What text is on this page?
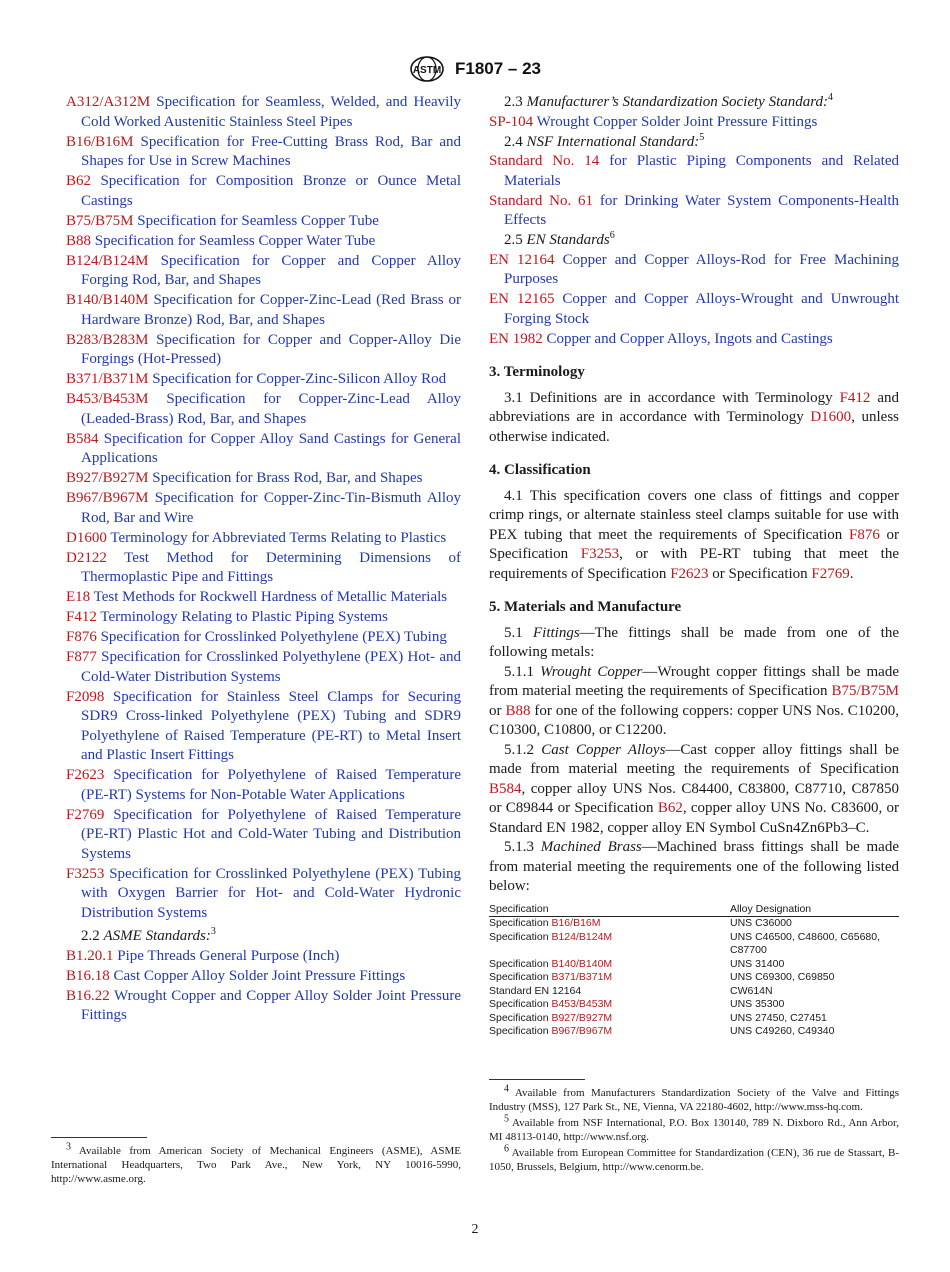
ASTM F1807 – 23

A312/A312M Specification for Seamless, Welded, and Heavily Cold Worked Austenitic Stainless Steel Pipes

B16/B16M Specification for Free-Cutting Brass Rod, Bar and Shapes for Use in Screw Machines

B62 Specification for Composition Bronze or Ounce Metal Castings

B75/B75M Specification for Seamless Copper Tube

B88 Specification for Seamless Copper Water Tube

B124/B124M Specification for Copper and Copper Alloy Forging Rod, Bar, and Shapes

B140/B140M Specification for Copper-Zinc-Lead (Red Brass or Hardware Bronze) Rod, Bar, and Shapes

B283/B283M Specification for Copper and Copper-Alloy Die Forgings (Hot-Pressed)

B371/B371M Specification for Copper-Zinc-Silicon Alloy Rod

B453/B453M Specification for Copper-Zinc-Lead Alloy (Leaded-Brass) Rod, Bar, and Shapes

B584 Specification for Copper Alloy Sand Castings for General Applications

B927/B927M Specification for Brass Rod, Bar, and Shapes

B967/B967M Specification for Copper-Zinc-Tin-Bismuth Alloy Rod, Bar and Wire

D1600 Terminology for Abbreviated Terms Relating to Plastics

D2122 Test Method for Determining Dimensions of Thermoplastic Pipe and Fittings

E18 Test Methods for Rockwell Hardness of Metallic Materials

F412 Terminology Relating to Plastic Piping Systems

F876 Specification for Crosslinked Polyethylene (PEX) Tubing

F877 Specification for Crosslinked Polyethylene (PEX) Hot- and Cold-Water Distribution Systems

F2098 Specification for Stainless Steel Clamps for Securing SDR9 Cross-linked Polyethylene (PEX) Tubing and SDR9 Polyethylene of Raised Temperature (PE-RT) to Metal Insert and Plastic Insert Fittings

F2623 Specification for Polyethylene of Raised Temperature (PE-RT) Systems for Non-Potable Water Applications

F2769 Specification for Polyethylene of Raised Temperature (PE-RT) Plastic Hot and Cold-Water Tubing and Distribution Systems

F3253 Specification for Crosslinked Polyethylene (PEX) Tubing with Oxygen Barrier for Hot- and Cold-Water Hydronic Distribution Systems

2.2 ASME Standards:$^3$

B1.20.1 Pipe Threads General Purpose (Inch)

B16.18 Cast Copper Alloy Solder Joint Pressure Fittings

B16.22 Wrought Copper and Copper Alloy Solder Joint Pressure Fittings

$^3$ Available from American Society of Mechanical Engineers (ASME), ASME International Headquarters, Two Park Ave., New York, NY 10016-5990, http://www.asme.org.

2.3 Manufacturer’s Standardization Society Standard:$^4$

SP-104 Wrought Copper Solder Joint Pressure Fittings

2.4 NSF International Standard:$^5$

Standard No. 14 for Plastic Piping Components and Related Materials

Standard No. 61 for Drinking Water System Components-Health Effects

2.5 EN Standards$^6$

EN 12164 Copper and Copper Alloys-Rod for Free Machining Purposes

EN 12165 Copper and Copper Alloys-Wrought and Unwrought Forging Stock

EN 1982 Copper and Copper Alloys, Ingots and Castings

3. Terminology

3.1 Definitions are in accordance with Terminology F412 and abbreviations are in accordance with Terminology D1600, unless otherwise indicated.

4. Classification

4.1 This specification covers one class of fittings and copper crimp rings, or alternate stainless steel clamps suitable for use with PEX tubing that meet the requirements of Specification F876 or Specification F3253, or with PE-RT tubing that meet the requirements of Specification F2623 or Specification F2769.

5. Materials and Manufacture

5.1 Fittings—The fittings shall be made from one of the following metals:

5.1.1 Wrought Copper—Wrought copper fittings shall be made from material meeting the requirements of Specification B75/B75M or B88 for one of the following coppers: copper UNS Nos. C10200, C10300, C10800, or C12200.

5.1.2 Cast Copper Alloys—Cast copper alloy fittings shall be made from material meeting the requirements of Specification B584, copper alloy UNS Nos. C84400, C83800, C87710, C87850 or C89844 or Specification B62, copper alloy UNS No. C83600, or Standard EN 1982, copper alloy EN Symbol CuSn4Zn6Pb3–C.

5.1.3 Machined Brass—Machined brass fittings shall be made from material meeting the requirements one of the following listed below:

Specification	Alloy Designation
Specification B16/B16M	UNS C36000
Specification B124/B124M	UNS C46500, C48600, C65680, C87700
Specification B140/B140M	UNS 31400
Specification B371/B371M	UNS C69300, C69850
Standard EN 12164	CW614N
Specification B453/B453M	UNS 35300
Specification B927/B927M	UNS 27450, C27451
Specification B967/B967M	UNS C49260, C49340

$^4$ Available from Manufacturers Standardization Society of the Valve and Fittings Industry (MSS), 127 Park St., NE, Vienna, VA 22180-4602, http://www.mss-hq.com.

$^5$ Available from NSF International, P.O. Box 130140, 789 N. Dixboro Rd., Ann Arbor, MI 48113-0140, http://www.nsf.org.

$^6$ Available from European Committee for Standardization (CEN), 36 rue de Stassart, B-1050, Brussels, Belgium, http://www.cenorm.be.

2
